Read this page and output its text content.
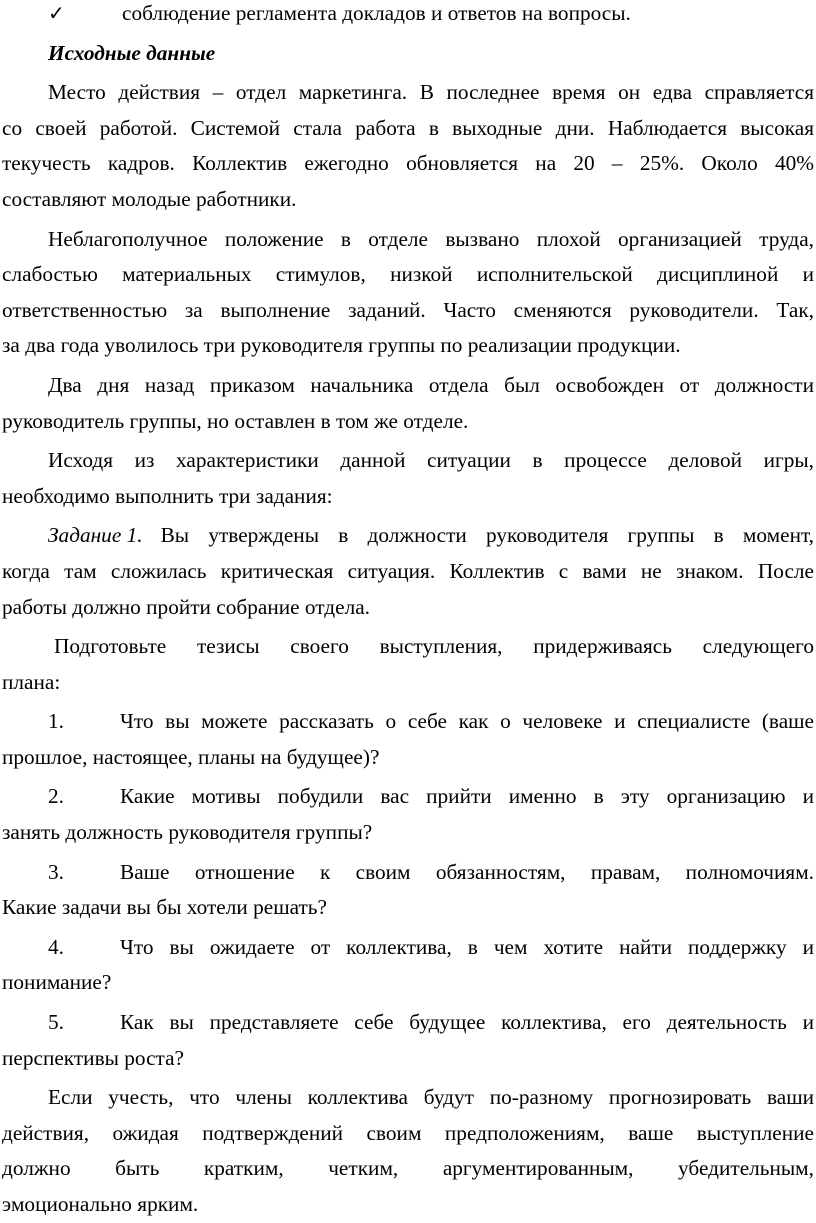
✓	соблюдение регламента докладов и ответов на вопросы.
Исходные данные
Место действия – отдел маркетинга. В последнее время он едва справляется
со своей работой. Системой стала работа в выходные дни. Наблюдается высокая
текучесть кадров. Коллектив ежегодно обновляется на 20 – 25%. Около 40%
составляют молодые работники.
Неблагополучное положение в отделе вызвано плохой организацией труда,
слабостью материальных стимулов, низкой исполнительской дисциплиной и
ответственностью за выполнение заданий. Часто сменяются руководители. Так,
за два года уволилось три руководителя группы по реализации продукции.
Два дня назад приказом начальника отдела был освобожден от должности
руководитель группы, но оставлен в том же отделе.
Исходя из характеристики данной ситуации в процессе деловой игры,
необходимо выполнить три задания:
Задание 1. Вы утверждены в должности руководителя группы в момент,
когда там сложилась критическая ситуация. Коллектив с вами не знаком. После
работы должно пройти собрание отдела.
Подготовьте тезисы своего выступления, придерживаясь следующего
плана:
1.	Что вы можете рассказать о себе как о человеке и специалисте (ваше
прошлое, настоящее, планы на будущее)?
2.	Какие мотивы побудили вас прийти именно в эту организацию и
занять должность руководителя группы?
3.	Ваше отношение к своим обязанностям, правам, полномочиям.
Какие задачи вы бы хотели решать?
4.	Что вы ожидаете от коллектива, в чем хотите найти поддержку и
понимание?
5.	Как вы представляете себе будущее коллектива, его деятельность и
перспективы роста?
Если учесть, что члены коллектива будут по-разному прогнозировать ваши
действия, ожидая подтверждений своим предположениям, ваше выступление
должно быть кратким, четким, аргументированным, убедительным,
эмоционально ярким.
